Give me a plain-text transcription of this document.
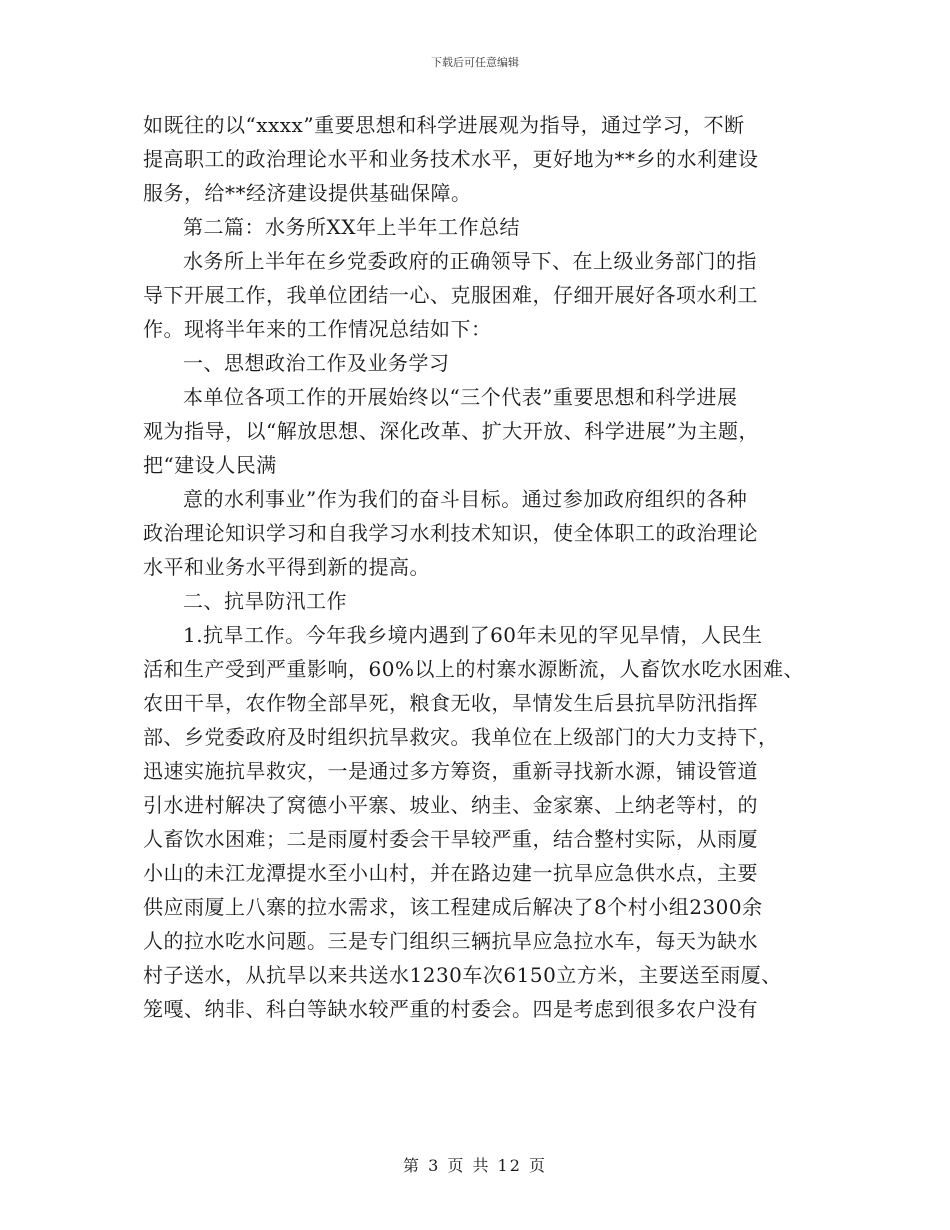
下载后可任意编辑
如既往的以“xxxx”重要思想和科学进展观为指导，通过学习，不断
提高职工的政治理论水平和业务技术水平，更好地为**乡的水利建设
服务，给**经济建设提供基础保障。
第二篇：水务所XX年上半年工作总结
水务所上半年在乡党委政府的正确领导下、在上级业务部门的指
导下开展工作，我单位团结一心、克服困难，仔细开展好各项水利工
作。现将半年来的工作情况总结如下：
一、思想政治工作及业务学习
本单位各项工作的开展始终以“三个代表”重要思想和科学进展
观为指导，以“解放思想、深化改革、扩大开放、科学进展”为主题，
把“建设人民满
意的水利事业”作为我们的奋斗目标。通过参加政府组织的各种
政治理论知识学习和自我学习水利技术知识，使全体职工的政治理论
水平和业务水平得到新的提高。
二、抗旱防汛工作
1.抗旱工作。今年我乡境内遇到了60年未见的罕见旱情，人民生
活和生产受到严重影响，60%以上的村寨水源断流，人畜饮水吃水困难、
农田干旱，农作物全部旱死，粮食无收，旱情发生后县抗旱防汛指挥
部、乡党委政府及时组织抗旱救灾。我单位在上级部门的大力支持下，
迅速实施抗旱救灾，一是通过多方筹资，重新寻找新水源，铺设管道
引水进村解决了窝德小平寨、坡业、纳圭、金家寨、上纳老等村，的
人畜饮水困难；二是雨厦村委会干旱较严重，结合整村实际，从雨厦
小山的未江龙潭提水至小山村，并在路边建一抗旱应急供水点，主要
供应雨厦上八寨的拉水需求，该工程建成后解决了8个村小组2300余
人的拉水吃水问题。三是专门组织三辆抗旱应急拉水车，每天为缺水
村子送水，从抗旱以来共送水1230车次6150立方米，主要送至雨厦、
笼嘎、纳非、科白等缺水较严重的村委会。四是考虑到很多农户没有
第 3 页 共 12 页
